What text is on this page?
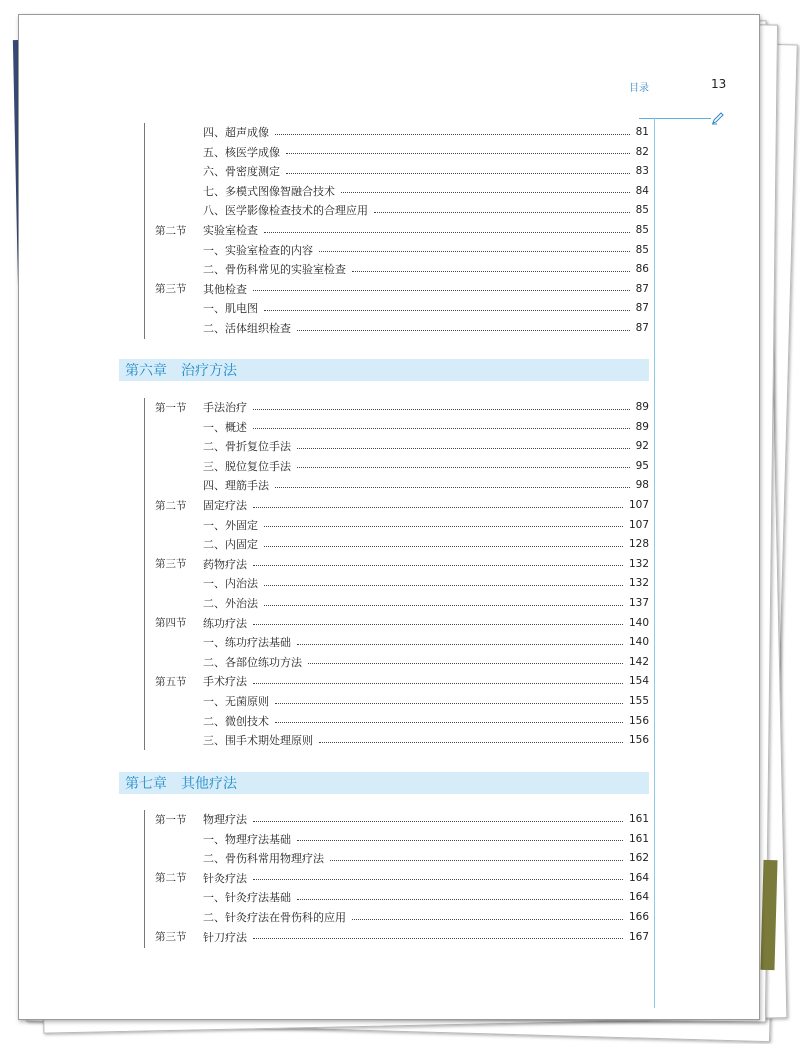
目录	13
第六章	治疗方法
第七章	其他疗法
四、超声成像	81
五、核医学成像	82
六、骨密度测定	83
七、多模式图像智融合技术	84
八、医学影像检查技术的合理应用	85
第二节	实验室检查	85
一、实验室检查的内容	85
二、骨伤科常见的实验室检查	86
第三节	其他检查	87
一、肌电图	87
二、活体组织检查	87
第一节	手法治疗	89
一、概述	89
二、骨折复位手法	92
三、脱位复位手法	95
四、理筋手法	98
第二节	固定疗法	107
一、外固定	107
二、内固定	128
第三节	药物疗法	132
一、内治法	132
二、外治法	137
第四节	练功疗法	140
一、练功疗法基础	140
二、各部位练功方法	142
第五节	手术疗法	154
一、无菌原则	155
二、微创技术	156
三、围手术期处理原则	156
第一节	物理疗法	161
一、物理疗法基础	161
二、骨伤科常用物理疗法	162
第二节	针灸疗法	164
一、针灸疗法基础	164
二、针灸疗法在骨伤科的应用	166
第三节	针刀疗法	167
